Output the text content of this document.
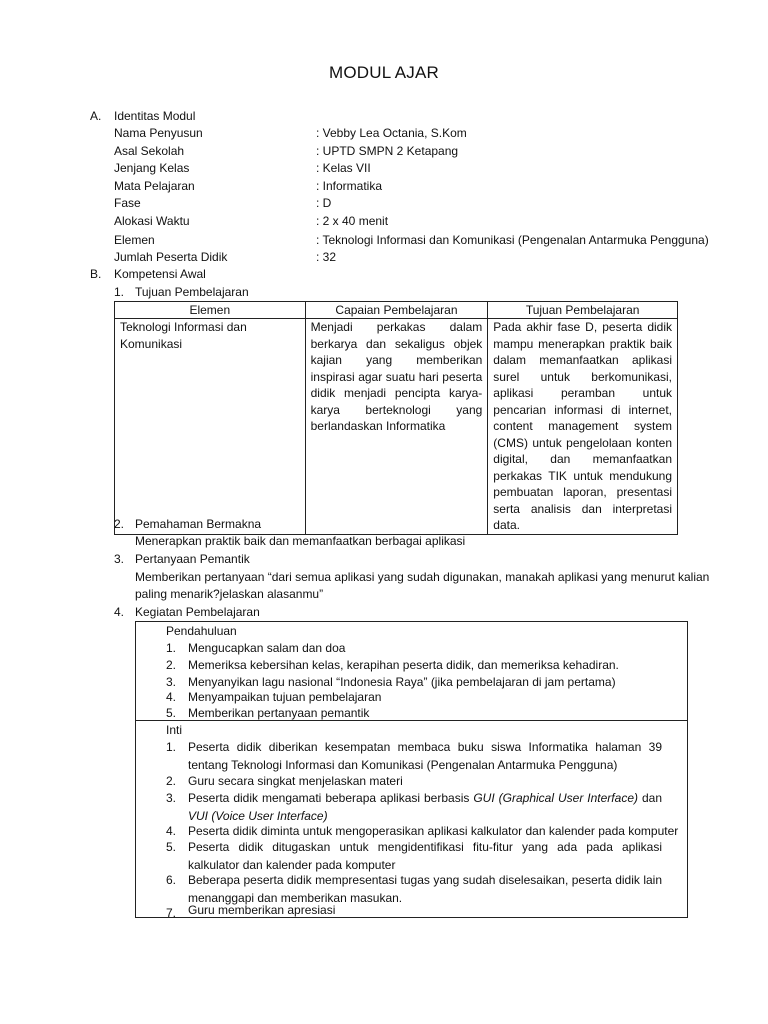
MODUL AJAR
A. Identitas Modul
Nama Penyusun	: Vebby Lea Octania, S.Kom
Asal Sekolah	: UPTD SMPN 2 Ketapang
Jenjang Kelas	: Kelas VII
Mata Pelajaran	: Informatika
Fase	: D
Alokasi Waktu	: 2 x 40 menit
Elemen	: Teknologi Informasi dan Komunikasi (Pengenalan Antarmuka Pengguna)
Jumlah Peserta Didik	: 32
B. Kompetensi Awal
1. Tujuan Pembelajaran
Elemen	Capaian Pembelajaran	Tujuan Pembelajaran
Teknologi Informasi dan Komunikasi	Menjadi perkakas dalam berkarya dan sekaligus objek kajian yang memberikan inspirasi agar suatu hari peserta didik menjadi pencipta karya-karya berteknologi yang berlandaskan Informatika	Pada akhir fase D, peserta didik mampu menerapkan praktik baik dalam memanfaatkan aplikasi surel untuk berkomunikasi, aplikasi peramban untuk pencarian informasi di internet, content management system (CMS) untuk pengelolaan konten digital, dan memanfaatkan perkakas TIK untuk mendukung pembuatan laporan, presentasi serta analisis dan interpretasi data.
2. Pemahaman Bermakna
Menerapkan praktik baik dan memanfaatkan berbagai aplikasi
3. Pertanyaan Pemantik
Memberikan pertanyaan “dari semua aplikasi yang sudah digunakan, manakah aplikasi yang menurut kalian
paling menarik?jelaskan alasanmu”
4. Kegiatan Pembelajaran
Pendahuluan
1. Mengucapkan salam dan doa
2. Memeriksa kebersihan kelas, kerapihan peserta didik, dan memeriksa kehadiran.
3. Menyanyikan lagu nasional “Indonesia Raya” (jika pembelajaran di jam pertama)
4. Menyampaikan tujuan pembelajaran
5. Memberikan pertanyaan pemantik
Inti
1. Peserta didik diberikan kesempatan membaca buku siswa Informatika halaman 39 tentang Teknologi Informasi dan Komunikasi (Pengenalan Antarmuka Pengguna)
2. Guru secara singkat menjelaskan materi
3. Peserta didik mengamati beberapa aplikasi berbasis GUI (Graphical User Interface) dan VUI (Voice User Interface)
4. Peserta didik diminta untuk mengoperasikan aplikasi kalkulator dan kalender pada komputer
5. Peserta didik ditugaskan untuk mengidentifikasi fitu-fitur yang ada pada aplikasi kalkulator dan kalender pada komputer
6. Beberapa peserta didik mempresentasi tugas yang sudah diselesaikan, peserta didik lain menanggapi dan memberikan masukan.
7. Guru memberikan apresiasi
